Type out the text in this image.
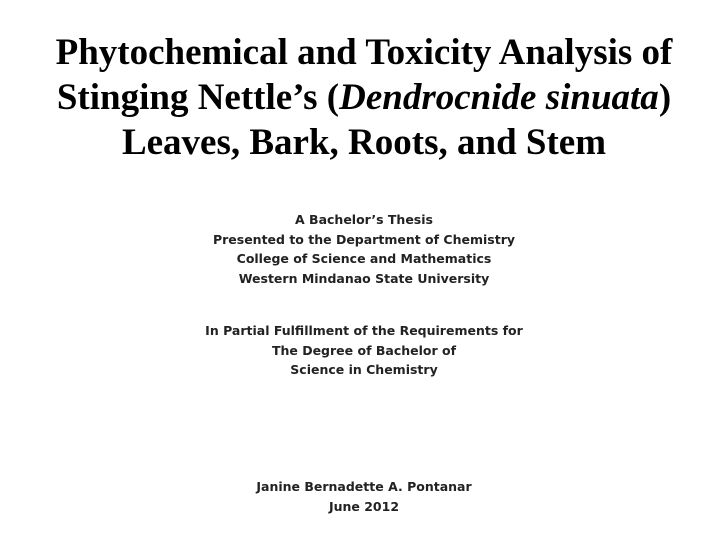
Phytochemical and Toxicity Analysis of
Stinging Nettle’s (Dendrocnide sinuata)
Leaves, Bark, Roots, and Stem
A Bachelor’s Thesis
Presented to the Department of Chemistry
College of Science and Mathematics
Western Mindanao State University
In Partial Fulfillment of the Requirements for
The Degree of Bachelor of
Science in Chemistry
Janine Bernadette A. Pontanar
June 2012
